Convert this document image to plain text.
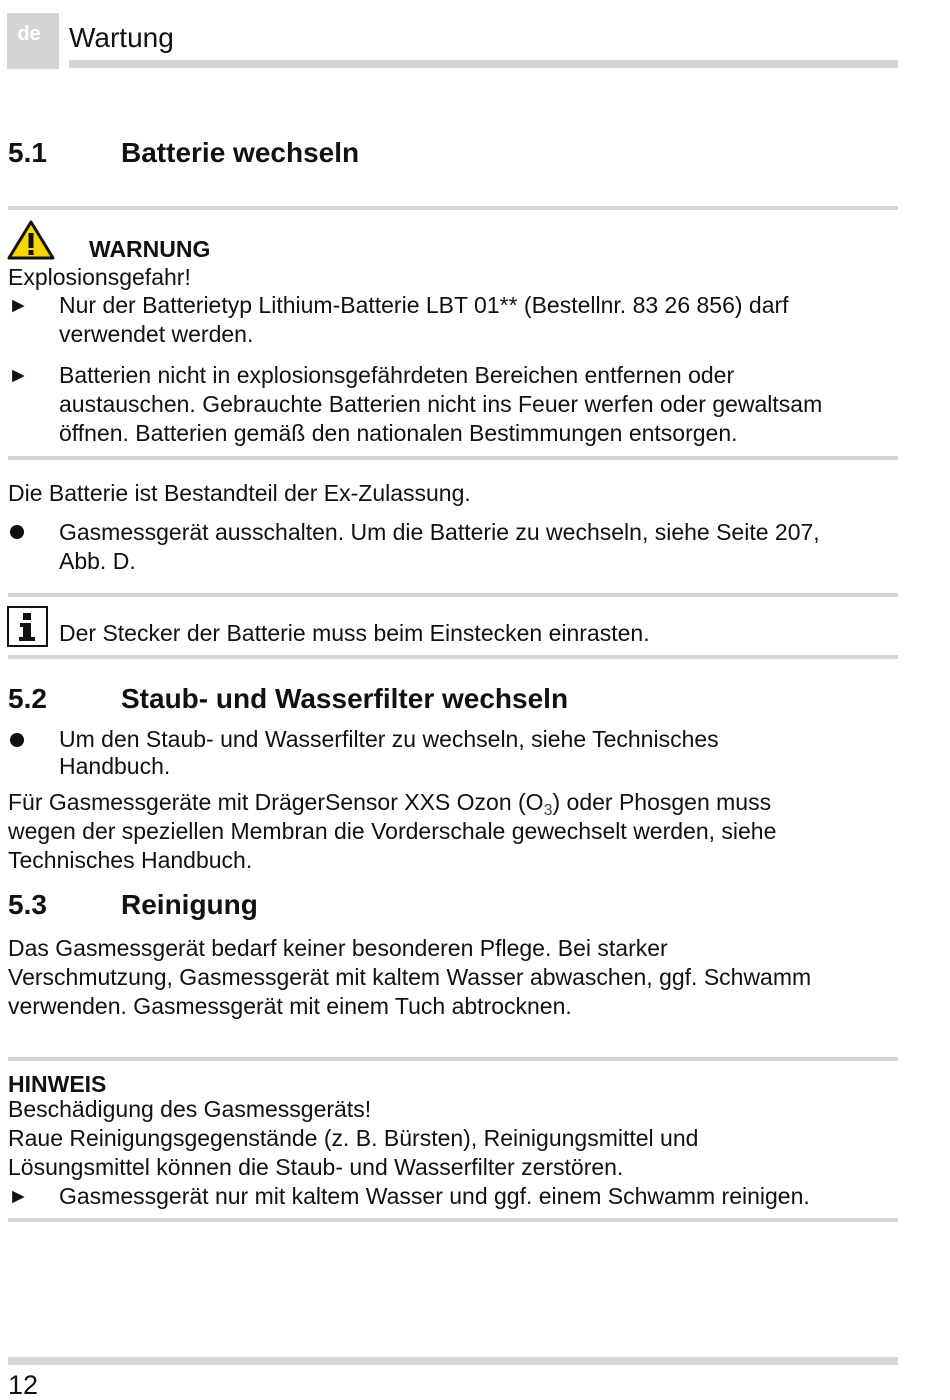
de Wartung
5.1	Batterie wechseln
WARNUNG
Explosionsgefahr!
► Nur der Batterietyp Lithium-Batterie LBT 01** (Bestellnr. 83 26 856) darf
verwendet werden.
► Batterien nicht in explosionsgefährdeten Bereichen entfernen oder
austauschen. Gebrauchte Batterien nicht ins Feuer werfen oder gewaltsam
öffnen. Batterien gemäß den nationalen Bestimmungen entsorgen.
Die Batterie ist Bestandteil der Ex-Zulassung.
Gasmessgerät ausschalten. Um die Batterie zu wechseln, siehe Seite 207,
Abb. D.
Der Stecker der Batterie muss beim Einstecken einrasten.
5.2	Staub- und Wasserfilter wechseln
Um den Staub- und Wasserfilter zu wechseln, siehe Technisches
Handbuch.
Für Gasmessgeräte mit DrägerSensor XXS Ozon $(O_3)$ oder Phosgen muss
wegen der speziellen Membran die Vorderschale gewechselt werden, siehe
Technisches Handbuch.
5.3	Reinigung
Das Gasmessgerät bedarf keiner besonderen Pflege. Bei starker
Verschmutzung, Gasmessgerät mit kaltem Wasser abwaschen, ggf. Schwamm
verwenden. Gasmessgerät mit einem Tuch abtrocknen.
HINWEIS
Beschädigung des Gasmessgeräts!
Raue Reinigungsgegenstände (z. B. Bürsten), Reinigungsmittel und
Lösungsmittel können die Staub- und Wasserfilter zerstören.
► Gasmessgerät nur mit kaltem Wasser und ggf. einem Schwamm reinigen.
12
